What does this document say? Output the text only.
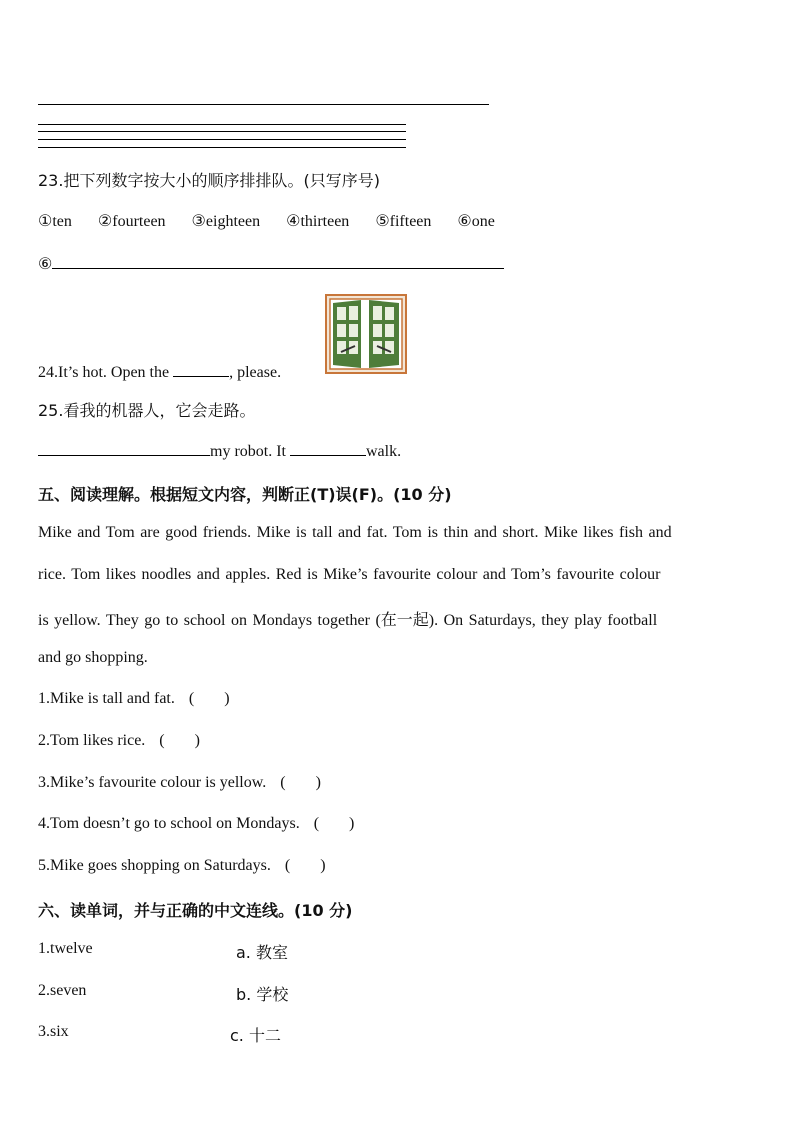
23.把下列数字按大小的顺序排排队。(只写序号)
①ten ②fourteen ③eighteen ④thirteen ⑤fifteen ⑥one
⑥
24.It’s hot. Open the	, please.
25.看我的机器人，它会走路。
my robot. It	walk.
五、阅读理解。根据短文内容，判断正(T)误(F)。(10 分)
Mike and Tom are good friends. Mike is tall and fat. Tom is thin and short. Mike likes fish and
rice. Tom likes noodles and apples. Red is Mike’s favourite colour and Tom’s favourite colour
is yellow. They go to school on Mondays together (在一起). On Saturdays, they play football
and go shopping.
1.Mike is tall and fat. ( )
2.Tom likes rice. ( )
3.Mike’s favourite colour is yellow. ( )
4.Tom doesn’t go to school on Mondays. ( )
5.Mike goes shopping on Saturdays. ( )
六、读单词，并与正确的中文连线。(10 分)
1.twelve	a. 教室
2.seven	b. 学校
3.six	c. 十二
